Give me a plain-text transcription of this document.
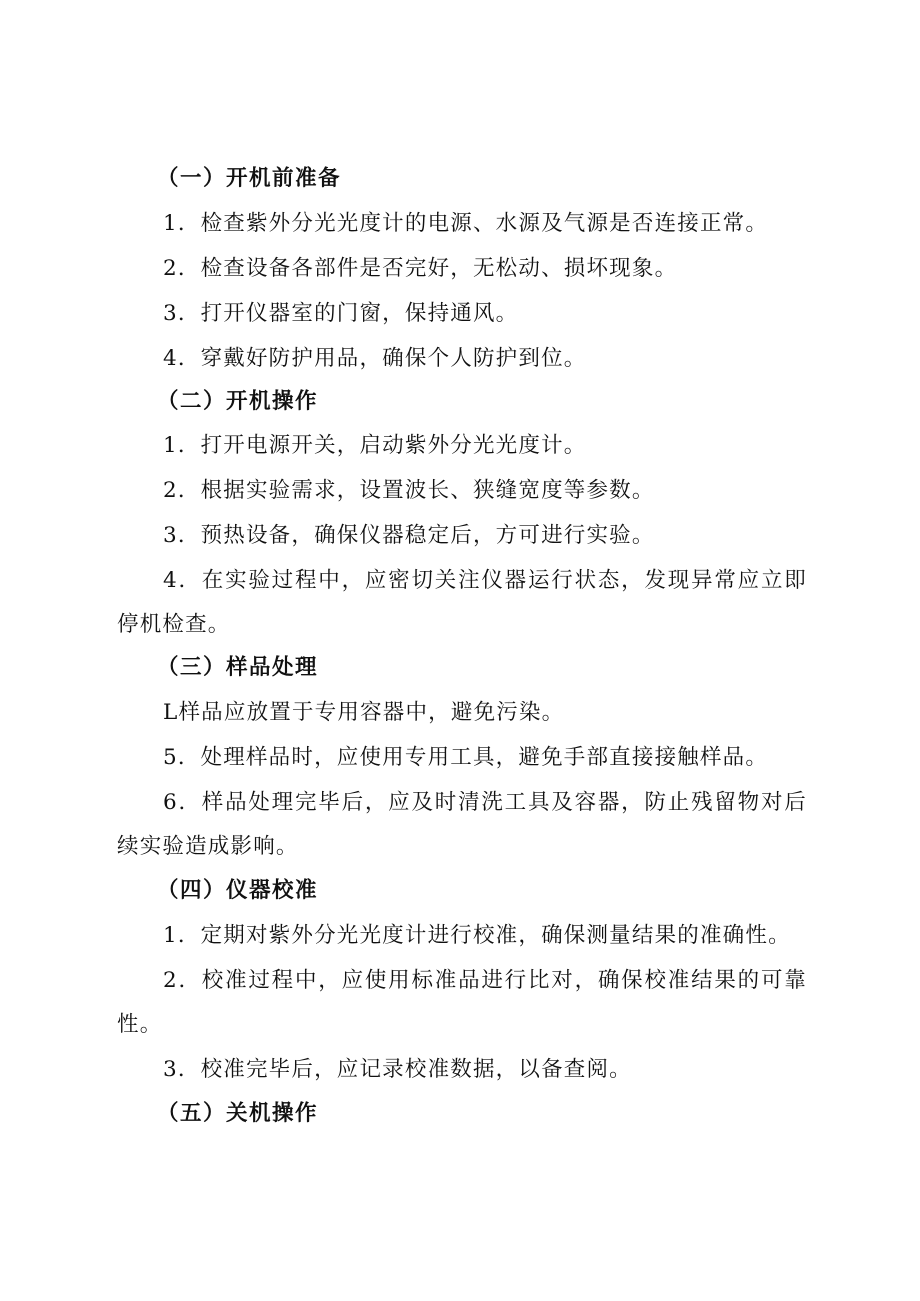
（一）开机前准备
1．检查紫外分光光度计的电源、水源及气源是否连接正常。
2．检查设备各部件是否完好，无松动、损坏现象。
3．打开仪器室的门窗，保持通风。
4．穿戴好防护用品，确保个人防护到位。
（二）开机操作
1．打开电源开关，启动紫外分光光度计。
2．根据实验需求，设置波长、狭缝宽度等参数。
3．预热设备，确保仪器稳定后，方可进行实验。
4．在实验过程中，应密切关注仪器运行状态，发现异常应立即
停机检查。
（三）样品处理
L样品应放置于专用容器中，避免污染。
5．处理样品时，应使用专用工具，避免手部直接接触样品。
6．样品处理完毕后，应及时清洗工具及容器，防止残留物对后
续实验造成影响。
（四）仪器校准
1．定期对紫外分光光度计进行校准，确保测量结果的准确性。
2．校准过程中，应使用标准品进行比对，确保校准结果的可靠
性。
3．校准完毕后，应记录校准数据，以备查阅。
（五）关机操作
